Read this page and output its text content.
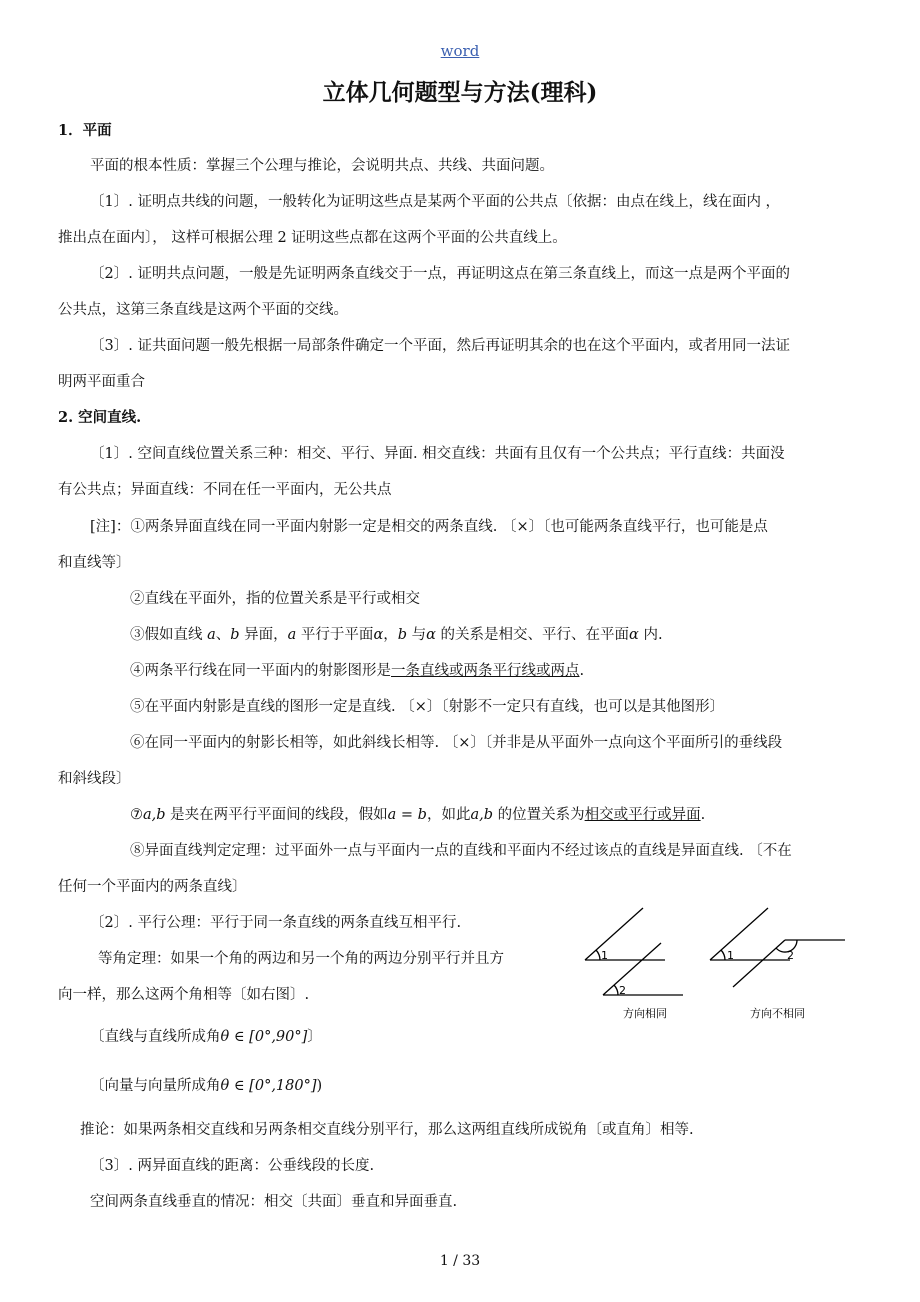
word
立体几何题型与方法(理科)
1．平面
平面的根本性质：掌握三个公理与推论，会说明共点、共线、共面问题。
〔1〕. 证明点共线的问题，一般转化为证明这些点是某两个平面的公共点〔依据：由点在线上，线在面内 ，
推出点在面内〕， 这样可根据公理 2 证明这些点都在这两个平面的公共直线上。
〔2〕. 证明共点问题，一般是先证明两条直线交于一点，再证明这点在第三条直线上，而这一点是两个平面的
公共点，这第三条直线是这两个平面的交线。
〔3〕. 证共面问题一般先根据一局部条件确定一个平面，然后再证明其余的也在这个平面内，或者用同一法证
明两平面重合
2. 空间直线.
〔1〕. 空间直线位置关系三种：相交、平行、异面. 相交直线：共面有且仅有一个公共点；平行直线：共面没
有公共点；异面直线：不同在任一平面内，无公共点
[注]：①两条异面直线在同一平面内射影一定是相交的两条直线. 〔×〕〔也可能两条直线平行，也可能是点
和直线等〕
②直线在平面外，指的位置关系是平行或相交
③假如直线 a、b 异面，a 平行于平面α，b 与α 的关系是相交、平行、在平面α 内.
④两条平行线在同一平面内的射影图形是一条直线或两条平行线或两点.
⑤在平面内射影是直线的图形一定是直线. 〔×〕〔射影不一定只有直线，也可以是其他图形〕
⑥在同一平面内的射影长相等，如此斜线长相等. 〔×〕〔并非是从平面外一点向这个平面所引的垂线段
和斜线段〕
⑦a,b 是夹在两平行平面间的线段，假如a = b，如此a,b 的位置关系为相交或平行或异面.
⑧异面直线判定定理：过平面外一点与平面内一点的直线和平面内不经过该点的直线是异面直线. 〔不在
任何一个平面内的两条直线〕
〔2〕. 平行公理：平行于同一条直线的两条直线互相平行.
等角定理：如果一个角的两边和另一个角的两边分别平行并且方
向一样，那么这两个角相等〔如右图〕.
〔直线与直线所成角θ ∈ [0°,90°]〕
〔向量与向量所成角θ ∈ [0°,180°])
推论：如果两条相交直线和另两条相交直线分别平行，那么这两组直线所成锐角〔或直角〕相等.
〔3〕. 两异面直线的距离：公垂线段的长度.
空间两条直线垂直的情况：相交〔共面〕垂直和异面垂直.
1
2
1	2
方向相同	方向不相同
1 / 33
